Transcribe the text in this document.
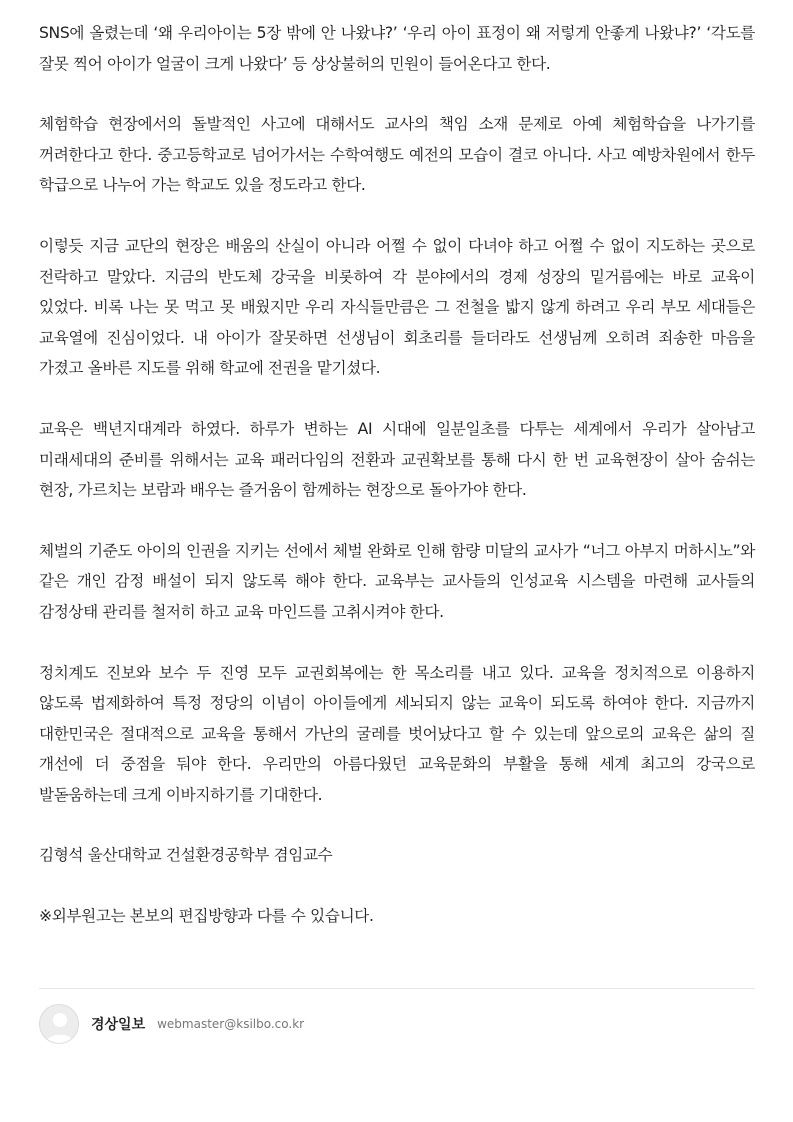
SNS에 올렸는데 ‘왜 우리아이는 5장 밖에 안 나왔냐?’ ‘우리 아이 표정이 왜 저렇게 안좋게 나왔냐?’ ‘각도를 잘못 찍어 아이가 얼굴이 크게 나왔다’ 등 상상불허의 민원이 들어온다고 한다.

체험학습 현장에서의 돌발적인 사고에 대해서도 교사의 책임 소재 문제로 아예 체험학습을 나가기를 꺼려한다고 한다. 중고등학교로 넘어가서는 수학여행도 예전의 모습이 결코 아니다. 사고 예방차원에서 한두 학급으로 나누어 가는 학교도 있을 정도라고 한다.

이렇듯 지금 교단의 현장은 배움의 산실이 아니라 어쩔 수 없이 다녀야 하고 어쩔 수 없이 지도하는 곳으로 전락하고 말았다. 지금의 반도체 강국을 비롯하여 각 분야에서의 경제 성장의 밑거름에는 바로 교육이 있었다. 비록 나는 못 먹고 못 배웠지만 우리 자식들만큼은 그 전철을 밟지 않게 하려고 우리 부모 세대들은 교육열에 진심이었다. 내 아이가 잘못하면 선생님이 회초리를 들더라도 선생님께 오히려 죄송한 마음을 가졌고 올바른 지도를 위해 학교에 전권을 맡기셨다.

교육은 백년지대계라 하였다. 하루가 변하는 AI 시대에 일분일초를 다투는 세계에서 우리가 살아남고 미래세대의 준비를 위해서는 교육 패러다임의 전환과 교권확보를 통해 다시 한 번 교육현장이 살아 숨쉬는 현장, 가르치는 보람과 배우는 즐거움이 함께하는 현장으로 돌아가야 한다.

체벌의 기준도 아이의 인권을 지키는 선에서 체벌 완화로 인해 함량 미달의 교사가 “너그 아부지 머하시노”와 같은 개인 감정 배설이 되지 않도록 해야 한다. 교육부는 교사들의 인성교육 시스템을 마련해 교사들의 감정상태 관리를 철저히 하고 교육 마인드를 고취시켜야 한다.

정치계도 진보와 보수 두 진영 모두 교권회복에는 한 목소리를 내고 있다. 교육을 정치적으로 이용하지 않도록 법제화하여 특정 정당의 이념이 아이들에게 세뇌되지 않는 교육이 되도록 하여야 한다. 지금까지 대한민국은 절대적으로 교육을 통해서 가난의 굴레를 벗어났다고 할 수 있는데 앞으로의 교육은 삶의 질 개선에 더 중점을 둬야 한다. 우리만의 아름다웠던 교육문화의 부활을 통해 세계 최고의 강국으로 발돋움하는데 크게 이바지하기를 기대한다.

김형석 울산대학교 건설환경공학부 겸임교수

※외부원고는 본보의 편집방향과 다를 수 있습니다.

경상일보 webmaster@ksilbo.co.kr
